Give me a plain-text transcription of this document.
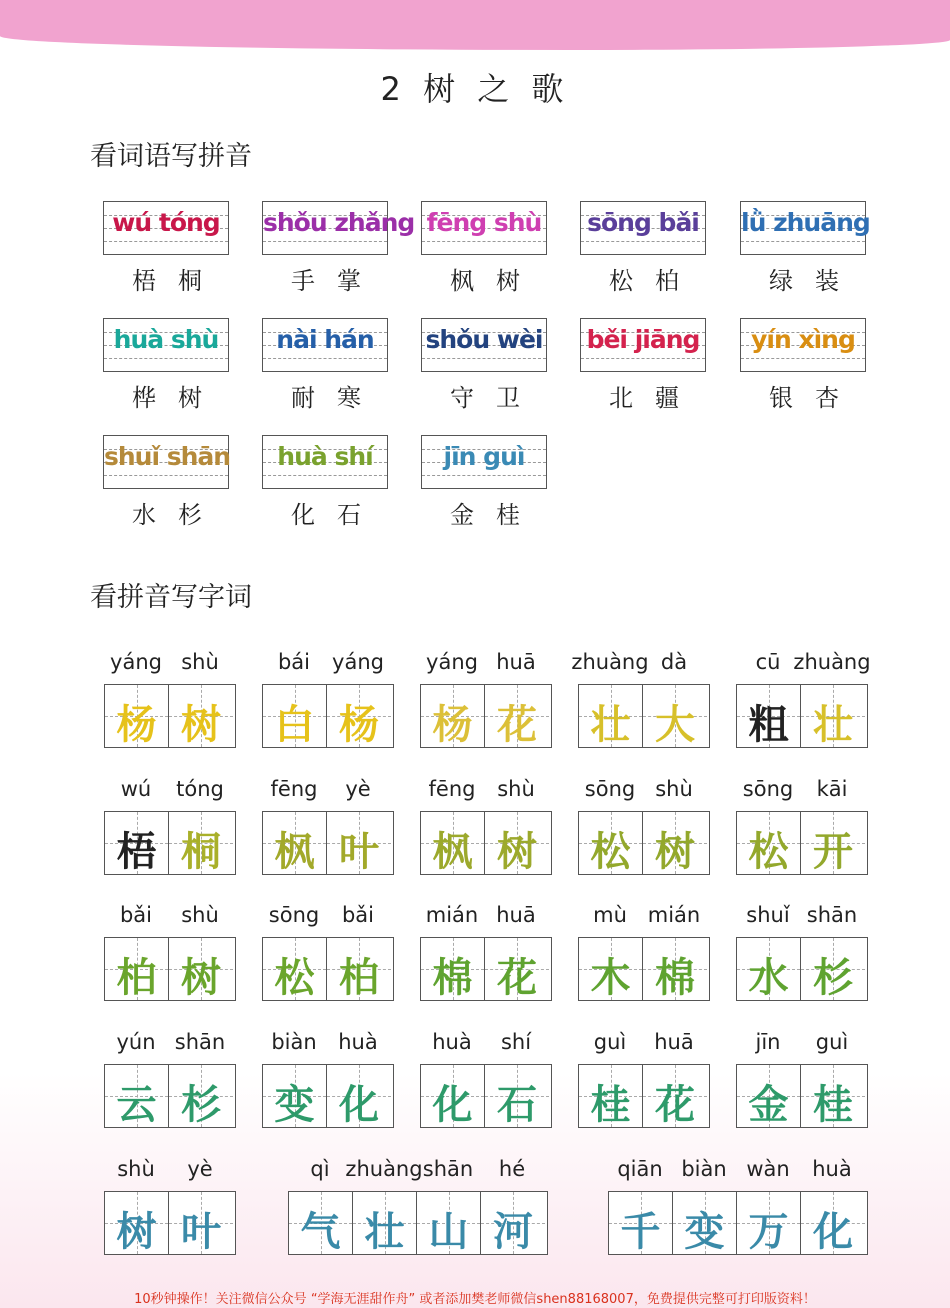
2 树 之 歌
看词语写拼音
wú tóng
梧桐
shǒu zhǎng
手掌
fēng shù
枫树
sōng bǎi
松柏
lǜ zhuāng
绿装
huà shù
桦树
nài hán
耐寒
shǒu wèi
守卫
běi jiāng
北疆
yín xìng
银杏
shuǐ shān
水杉
huà shí
化石
jīn guì
金桂
看拼音写字词
yáng shù
杨 树
bái yáng
白 杨
yáng huā
杨 花
zhuàng dà
壮 大
cū zhuàng
粗 壮
wú tóng
梧 桐
fēng yè
枫 叶
fēng shù
枫 树
sōng shù
松 树
sōng kāi
松 开
bǎi shù
柏 树
sōng bǎi
松 柏
mián huā
棉 花
mù mián
木 棉
shuǐ shān
水 杉
yún shān
云 杉
biàn huà
变 化
huà shí
化 石
guì huā
桂 花
jīn guì
金 桂
shù yè
树 叶
qì zhuàng shān hé
气 壮 山 河
qiān biàn wàn huà
千 变 万 化
10秒钟操作！关注微信公众号 “学海无涯甜作舟” 或者添加樊老师微信shen88168007，免费提供完整可打印版资料！
